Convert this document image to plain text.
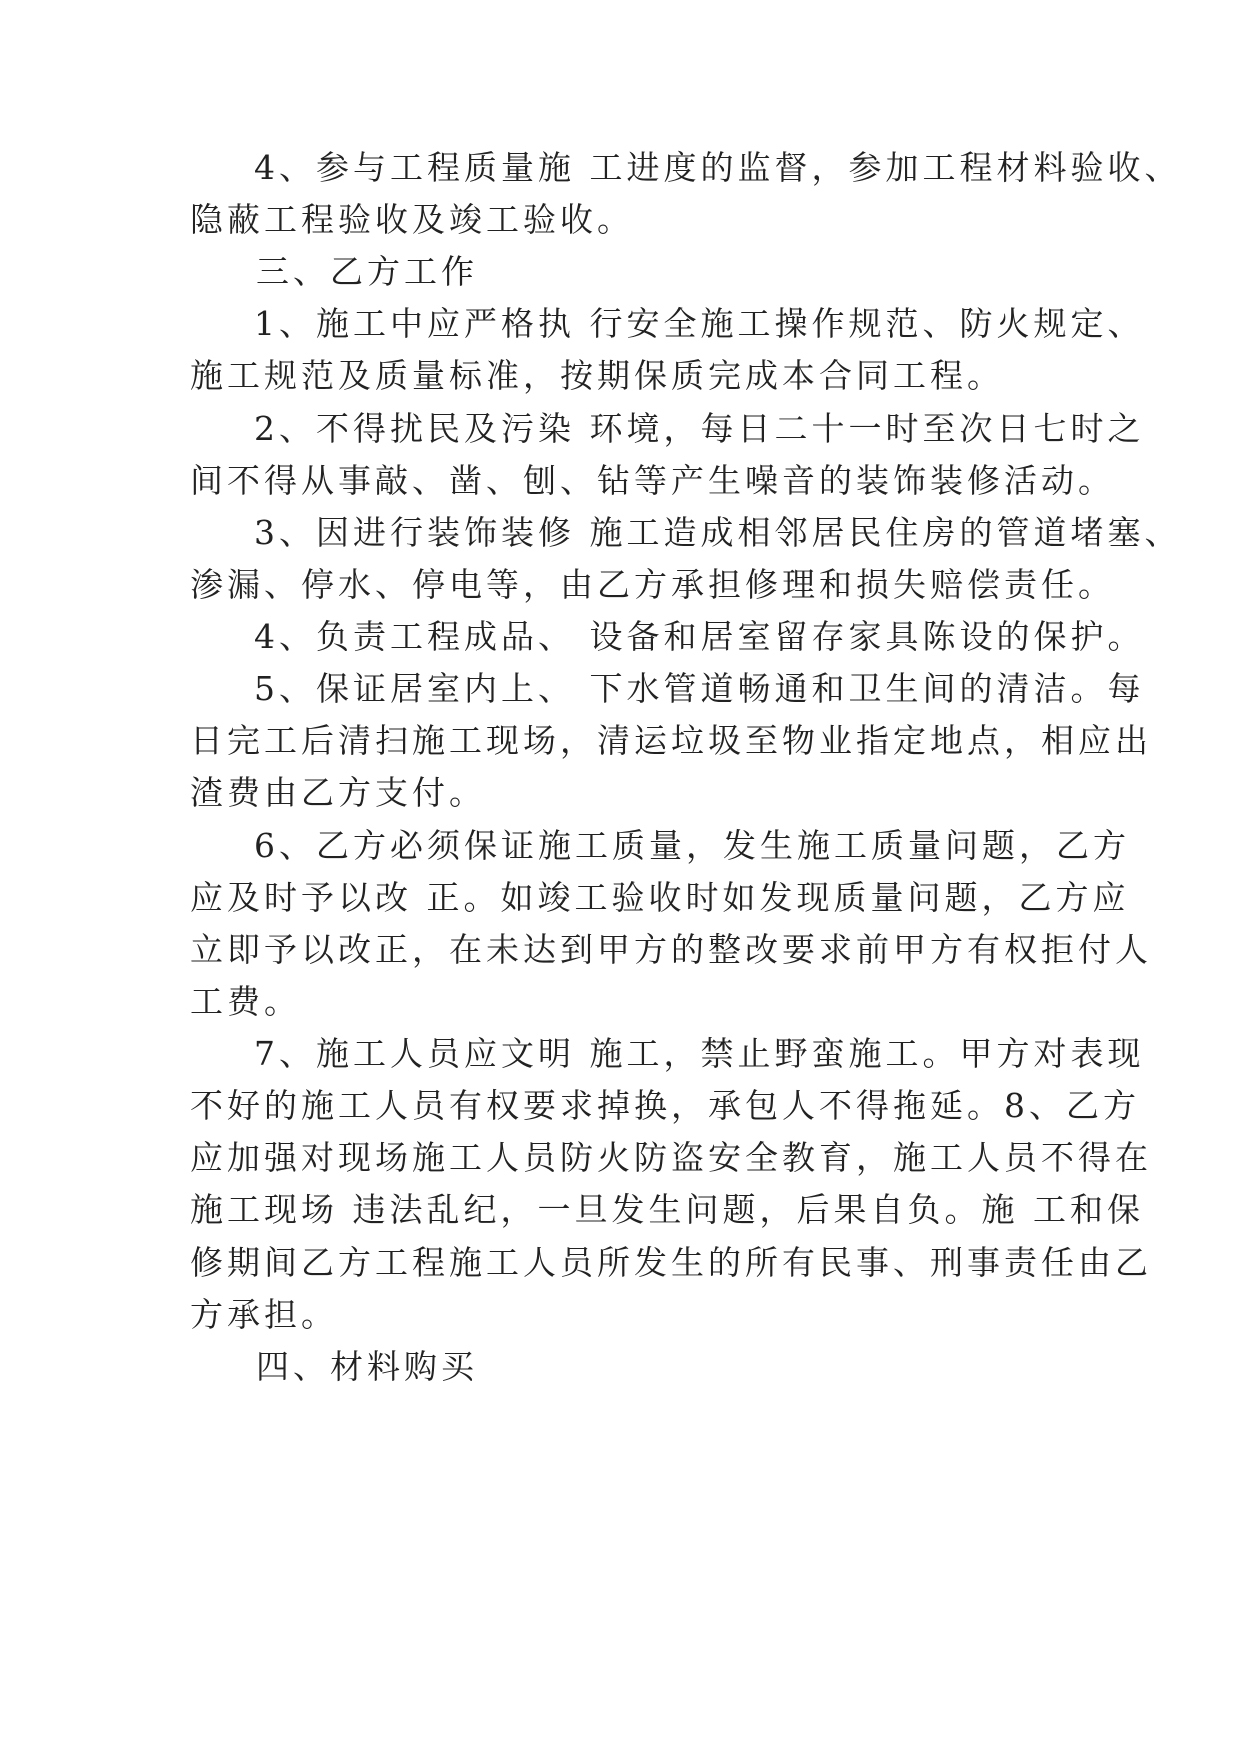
4、参与工程质量施 工进度的监督，参加工程材料验收、
隐蔽工程验收及竣工验收。
三、乙方工作
1、施工中应严格执 行安全施工操作规范、防火规定、
施工规范及质量标准，按期保质完成本合同工程。
2、不得扰民及污染 环境，每日二十一时至次日七时之
间不得从事敲、凿、刨、钻等产生噪音的装饰装修活动。
3、因进行装饰装修 施工造成相邻居民住房的管道堵塞、
渗漏、停水、停电等，由乙方承担修理和损失赔偿责任。
4、负责工程成品、 设备和居室留存家具陈设的保护。
5、保证居室内上、 下水管道畅通和卫生间的清洁。每
日完工后清扫施工现场，清运垃圾至物业指定地点，相应出
渣费由乙方支付。
6、乙方必须保证施工质量，发生施工质量问题，乙方
应及时予以改 正。如竣工验收时如发现质量问题，乙方应
立即予以改正，在未达到甲方的整改要求前甲方有权拒付人
工费。
7、施工人员应文明 施工，禁止野蛮施工。甲方对表现
不好的施工人员有权要求掉换，承包人不得拖延。8、乙方
应加强对现场施工人员防火防盗安全教育，施工人员不得在
施工现场 违法乱纪，一旦发生问题，后果自负。施 工和保
修期间乙方工程施工人员所发生的所有民事、刑事责任由乙
方承担。
四、材料购买
